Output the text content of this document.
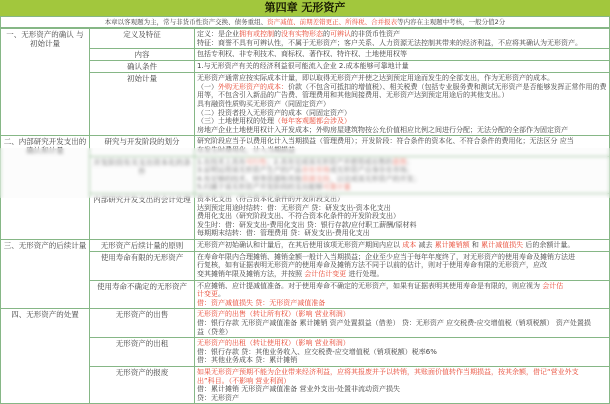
第四章 无形资产
本章以客观题为主，常与非货币性资产交换、债务重组、资产减值、前期差错更正、所得税、合并报表等内容在主观题中考核，一般分值2分
一、无形资产的确认 与初始计量	定义及特征	定义：是企业拥有或控制的没有实物形态的可辨认的非货币性资产
特征：商誉不具有可辨认性，不属于无形资产；客户关系、人力资源无法控制其带来的经济利益，不应将其确认为无形资产。

	内容	包括专利权、非专利技术、商标权、著作权、特许权、土地使用权等

	确认条件	1.与无形资产有关的经济利益很可能流入企业 2.成本能够可靠地计量

初始计量	无形资产通常应按实际成本计量，即以取得无形资产并使之达到预定用途而发生的全部支出，作为无形资产的成本。
（一）外购无形资产的成本：价款（不包含可抵扣的增值税）、相关税费（包括专业服务费和测试无形资产是否能够发挥正常作用的费
用等，不包含引入新品的广告费、管理费用和其他间接费用、无形资产达到预定用途后的其他支出。）
具有融资性质购买无形资产（同固定资产）
（二）投资者投入无形资产的成本（同固定资产）
（三）土地使用权的处理（每年客观题都会涉及）
房地产企业土地使用权计入开发成本；外购房屋建筑物按公允价值相应比例之间进行分配；无法分配的全部作为固定资产

二、内部研究开发支出的确认和计量	研究与开发阶段的划分	研究阶段应当予以费用化计入当期损益（管理费用）；开发阶段：符合条件的资本化、不符合条件的费用化；无法区分 应当
在发生时费用化，计入当期损益

	开发阶段有关支出资本化的条件	1.在技术上具有可行性；2.具有完成该无形资产并使用或出售的意图；
3.证明运用该无形资产生产的产品存在市场或无形资产自身存在市场；
4.有足够的技术、财务资源和其他资源支持，以完成该无形资产的开发；
5.归属于该无形资产开发阶段的支出能够可靠计量

	内部研究开发支出的会计处理	资本化支出（符合资本化条件的开发阶段支出）
达到预定用途时结转：借：无形资产 贷：研发支出-资本化支出
费用化支出（研究阶段支出、不符合资本化条件的开发阶段支出）
发生时：借：研发支出-费用化支出 贷：银行存款/应付职工薪酬/原材料
每期期末结转：借：管理费用 贷：研发支出-费用化支出

三、无形资产的后续计量	无形资产后续计量的原则	无形资产初始确认和计量后，在其后使用该项无形资产期间内应以 成本 减去 累计摊销额 和 累计减值损失 后的余额计量。

	使用寿命有限的无形资产	在寿命年限内合理摊销、摊销金额一般计入当期损益；企业至少应当于每年年度终了，对无形资产的使用寿命及摊销方法进
行复核，如有证据表明无形资产的使用寿命及摊销方法不同于以前的估计，则对于使用寿命有限的无形资产，应改
变其摊销年限及摊销方法，并按照 会计估计变更 进行处理。

	使用寿命不确定的无形资产	不应摊销、应计提减值准备。对于使用寿命不确定的无形资产，如果有证据表明其使用寿命是有限的，则应视为 会计估
计变更。
借：资产减值损失 贷：无形资产减值准备

四、无形资产的处置	无形资产的出售	无形资产的出售（转让所有权）（影响 营业利润）
借：银行存款 无形资产减值准备 累计摊销 资产处置损益（借差） 贷：无形资产 应交税费-应交增值税（销项税额） 资产处置损
益（贷差）

	无形资产的出租	无形资产的出租（转让使用权）（影响 营业利润）
借：银行存款 贷：其他业务收入、应交税费-应交增值税（销项税额）税率6%
借：其他业务成本 贷：累计摊销

	无形资产的报废	如果无形资产预期不能为企业带来经济利益，应将其报废并予以转销，其账面价值转作当期损益，按其余额，借记“营业外支
出”科目。（不影响 营业利润）
借：累计摊销 无形资产减值准备 营业外支出-处置非流动资产损失
贷：无形资产
